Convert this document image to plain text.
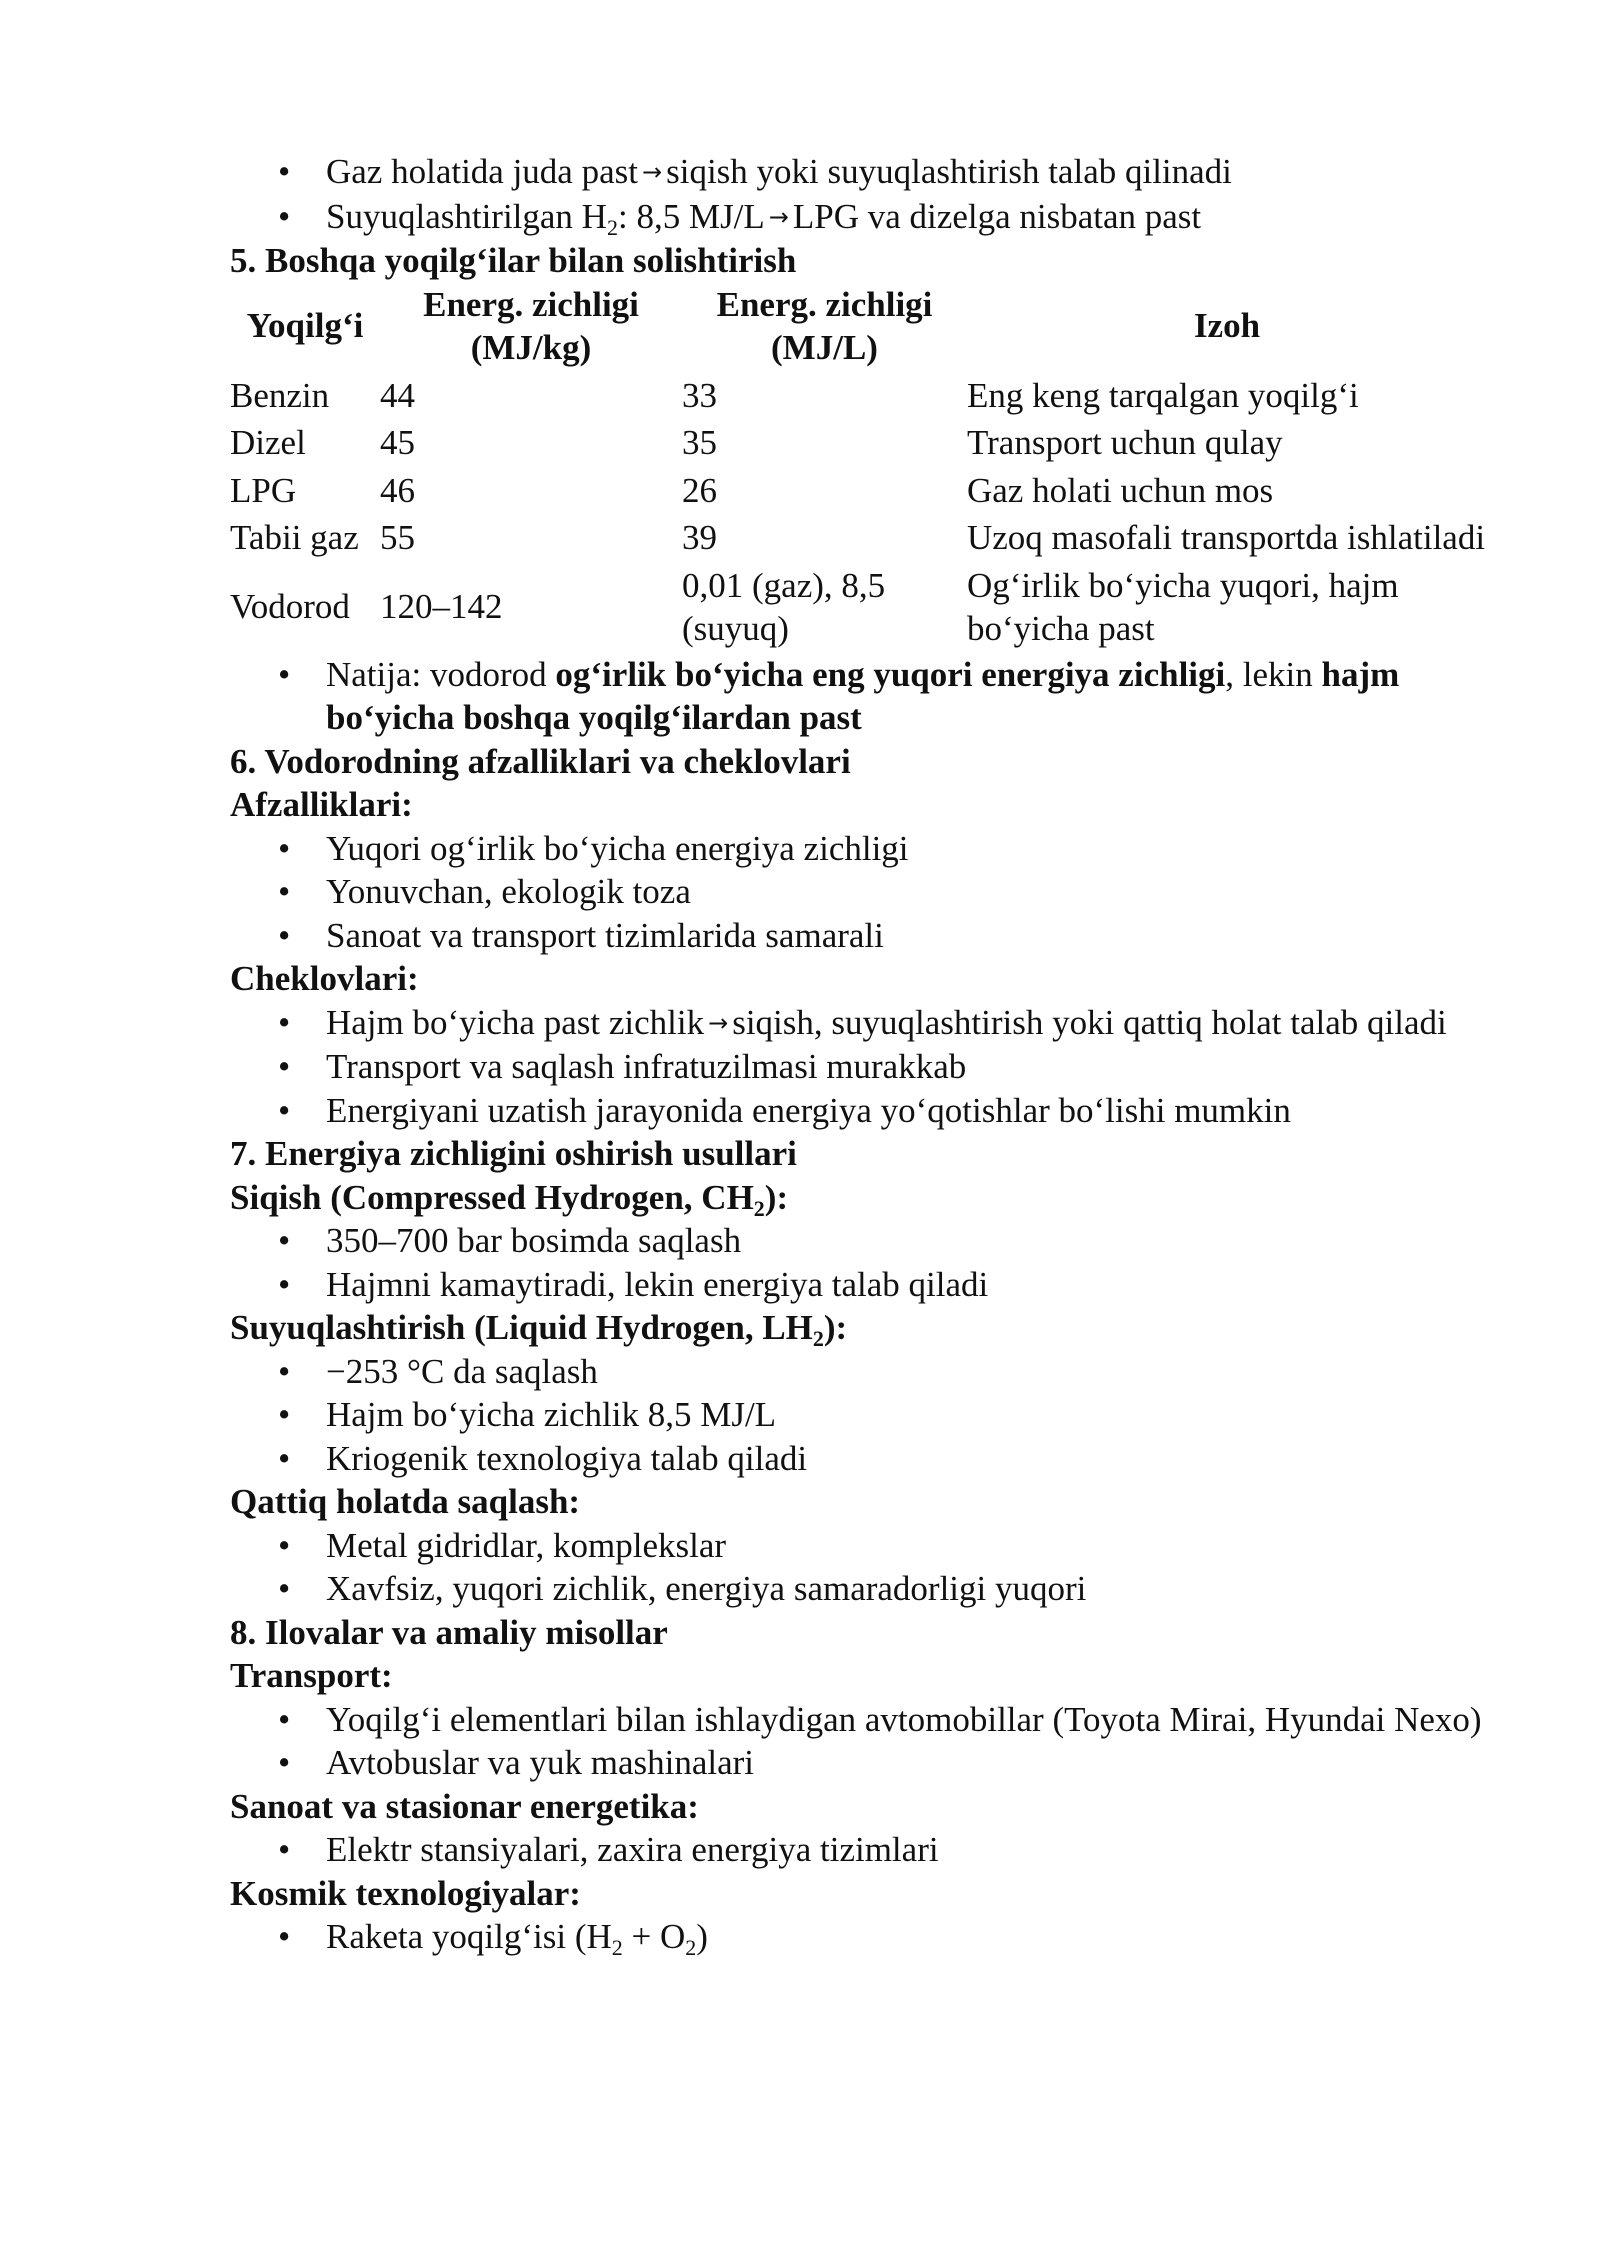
• Gaz holatida juda past → siqish yoki suyuqlashtirish talab qilinadi
• Suyuqlashtirilgan $H_2$: 8,5 MJ/L → LPG va dizelga nisbatan past
5. Boshqa yoqilg‘ilar bilan solishtirish
Yoqilg‘i	Energ. zichligi (MJ/kg)	Energ. zichligi (MJ/L)	Izoh
Benzin	44	33	Eng keng tarqalgan yoqilg‘i
Dizel	45	35	Transport uchun qulay
LPG	46	26	Gaz holati uchun mos
Tabii gaz	55	39	Uzoq masofali transportda ishlatiladi
Vodorod	120–142	0,01 (gaz), 8,5 (suyuq)	Og‘irlik bo‘yicha yuqori, hajm bo‘yicha past
• Natija: vodorod og‘irlik bo‘yicha eng yuqori energiya zichligi, lekin hajm bo‘yicha boshqa yoqilg‘ilardan past
6. Vodorodning afzalliklari va cheklovlari
Afzalliklari:
• Yuqori og‘irlik bo‘yicha energiya zichligi
• Yonuvchan, ekologik toza
• Sanoat va transport tizimlarida samarali
Cheklovlari:
• Hajm bo‘yicha past zichlik → siqish, suyuqlashtirish yoki qattiq holat talab qiladi
• Transport va saqlash infratuzilmasi murakkab
• Energiyani uzatish jarayonida energiya yo‘qotishlar bo‘lishi mumkin
7. Energiya zichligini oshirish usullari
Siqish (Compressed Hydrogen, $CH_2$):
• 350–700 bar bosimda saqlash
• Hajmni kamaytiradi, lekin energiya talab qiladi
Suyuqlashtirish (Liquid Hydrogen, $LH_2$):
• −253 °C da saqlash
• Hajm bo‘yicha zichlik 8,5 MJ/L
• Kriogenik texnologiya talab qiladi
Qattiq holatda saqlash:
• Metal gidridlar, komplekslar
• Xavfsiz, yuqori zichlik, energiya samaradorligi yuqori
8. Ilovalar va amaliy misollar
Transport:
• Yoqilg‘i elementlari bilan ishlaydigan avtomobillar (Toyota Mirai, Hyundai Nexo)
• Avtobuslar va yuk mashinalari
Sanoat va stasionar energetika:
• Elektr stansiyalari, zaxira energiya tizimlari
Kosmik texnologiyalar:
• Raketa yoqilg‘isi $(H_2 + O_2)$
